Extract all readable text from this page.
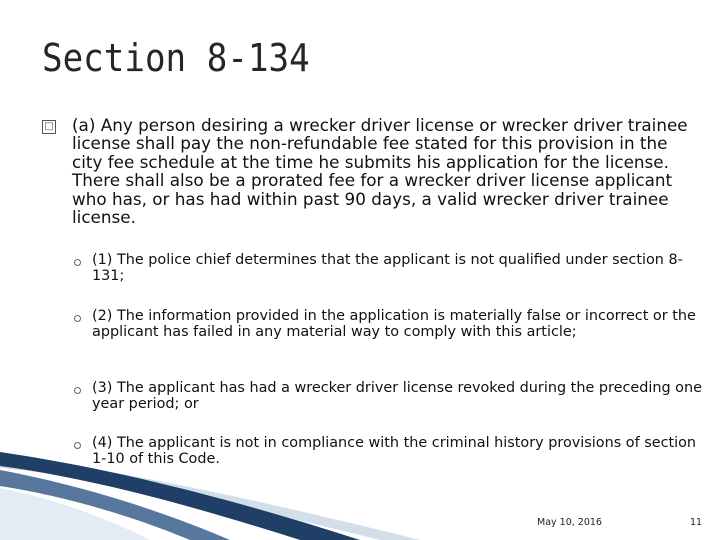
Section 8-134
□ (a) Any person desiring a wrecker driver license or wrecker driver trainee license shall pay the non-refundable fee stated for this provision in the city fee schedule at the time he submits his application for the license. There shall also be a prorated fee for a wrecker driver license applicant who has, or has had within past 90 days, a valid wrecker driver trainee license.

(1) The police chief determines that the applicant is not qualified under section 8-131;
(2) The information provided in the application is materially false or incorrect or the applicant has failed in any material way to comply with this article;
(3) The applicant has had a wrecker driver license revoked during the preceding one year period; or
(4) The applicant is not in compliance with the criminal history provisions of section 1-10 of this Code.
May 10, 2016	11
